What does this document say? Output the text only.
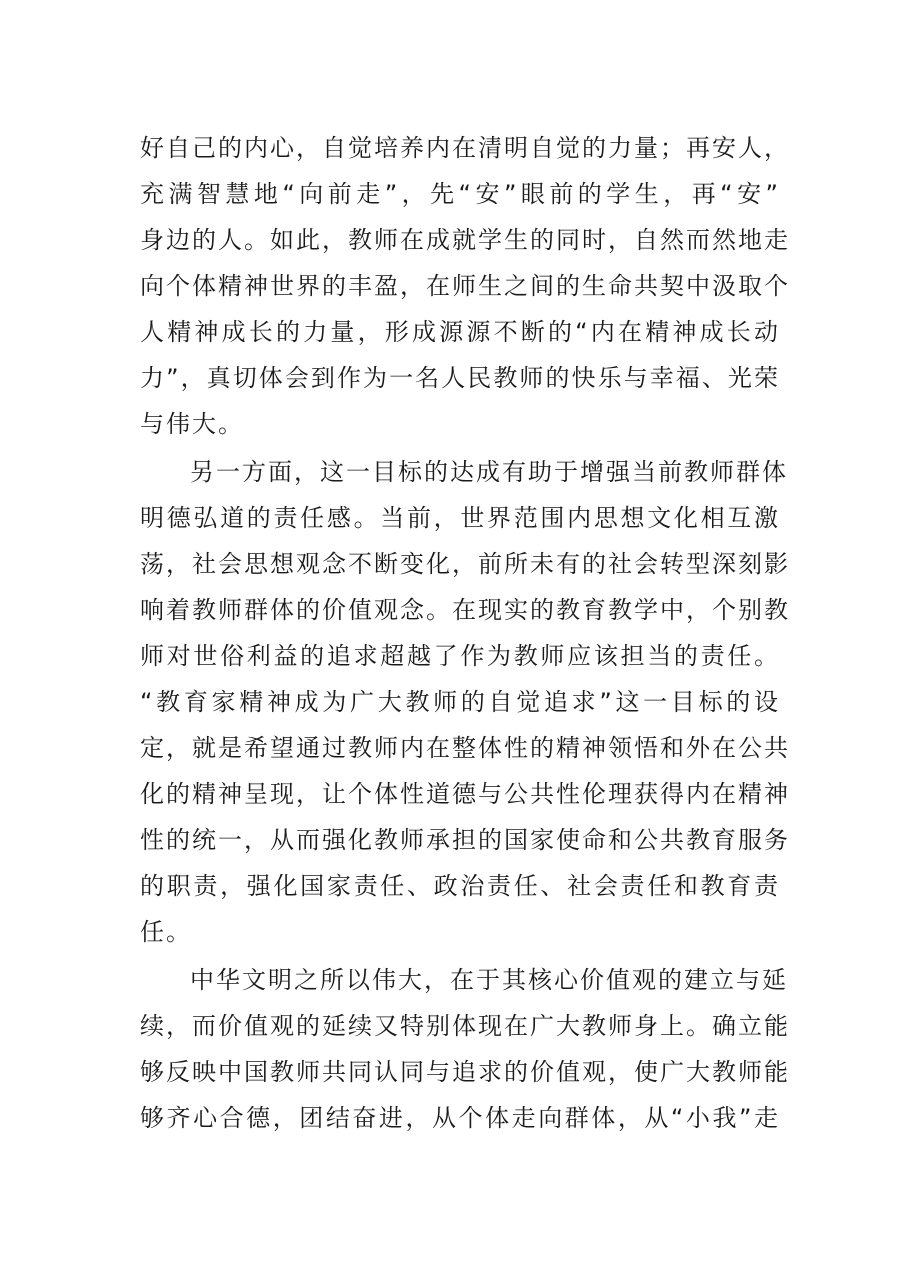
好自己的内心，自觉培养内在清明自觉的力量；再安人，
充满智慧地“向前走”，先“安”眼前的学生，再“安”
身边的人。如此，教师在成就学生的同时，自然而然地走
向个体精神世界的丰盈，在师生之间的生命共契中汲取个
人精神成长的力量，形成源源不断的“内在精神成长动
力”，真切体会到作为一名人民教师的快乐与幸福、光荣
与伟大。
另一方面，这一目标的达成有助于增强当前教师群体
明德弘道的责任感。当前，世界范围内思想文化相互激
荡，社会思想观念不断变化，前所未有的社会转型深刻影
响着教师群体的价值观念。在现实的教育教学中，个别教
师对世俗利益的追求超越了作为教师应该担当的责任。
“教育家精神成为广大教师的自觉追求”这一目标的设
定，就是希望通过教师内在整体性的精神领悟和外在公共
化的精神呈现，让个体性道德与公共性伦理获得内在精神
性的统一，从而强化教师承担的国家使命和公共教育服务
的职责，强化国家责任、政治责任、社会责任和教育责
任。
中华文明之所以伟大，在于其核心价值观的建立与延
续，而价值观的延续又特别体现在广大教师身上。确立能
够反映中国教师共同认同与追求的价值观，使广大教师能
够齐心合德，团结奋进，从个体走向群体，从“小我”走
